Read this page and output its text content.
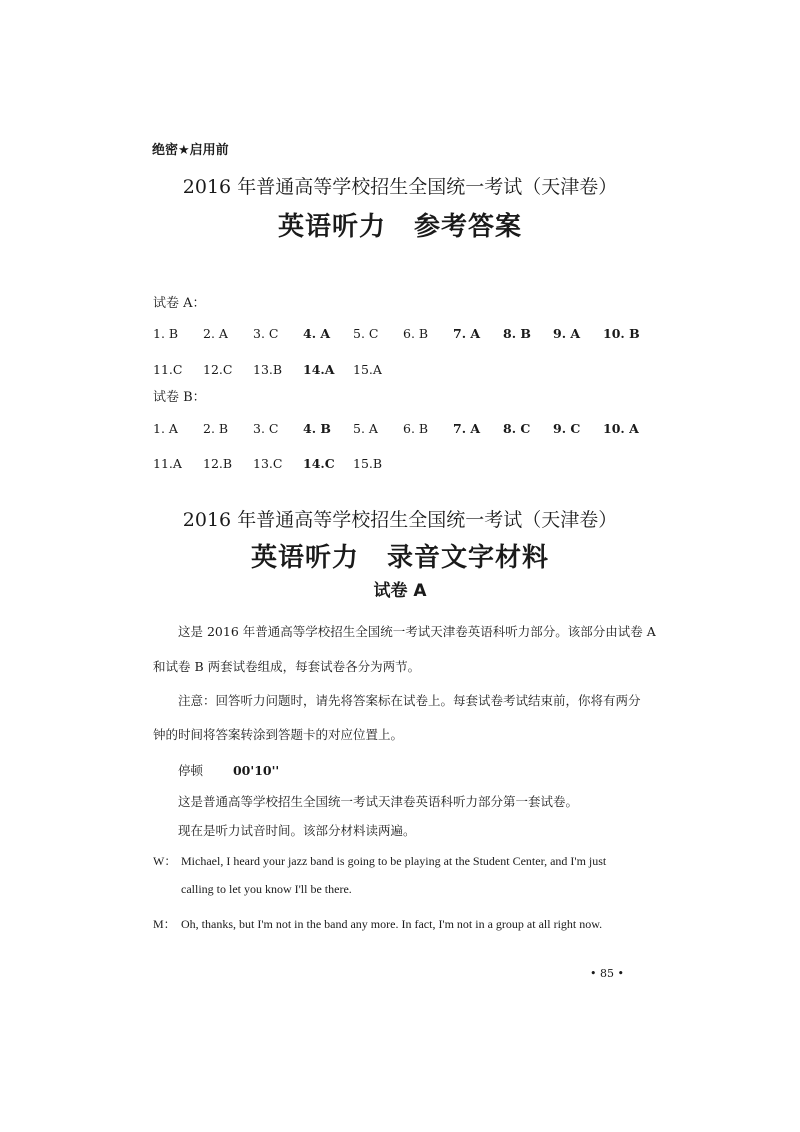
绝密★启用前
2016 年普通高等学校招生全国统一考试（天津卷）
英语听力 参考答案
试卷 A：
1. B 2. A 3. C 4. A 5. C 6. B 7. A 8. B 9. A 10. B
11.C 12.C 13.B 14.A 15.A
试卷 B：
1. A 2. B 3. C 4. B 5. A 6. B 7. A 8. C 9. C 10. A
11.A 12.B 13.C 14.C 15.B
2016 年普通高等学校招生全国统一考试（天津卷）
英语听力 录音文字材料
试卷 A
这是 2016 年普通高等学校招生全国统一考试天津卷英语科听力部分。该部分由试卷 A
和试卷 B 两套试卷组成，每套试卷各分为两节。
注意：回答听力问题时，请先将答案标在试卷上。每套试卷考试结束前，你将有两分
钟的时间将答案转涂到答题卡的对应位置上。
停顿 00'10''
这是普通高等学校招生全国统一考试天津卷英语科听力部分第一套试卷。
现在是听力试音时间。该部分材料读两遍。
W： Michael, I heard your jazz band is going to be playing at the Student Center, and I'm just
calling to let you know I'll be there.
M： Oh, thanks, but I'm not in the band any more. In fact, I'm not in a group at all right now.
• 85 •
